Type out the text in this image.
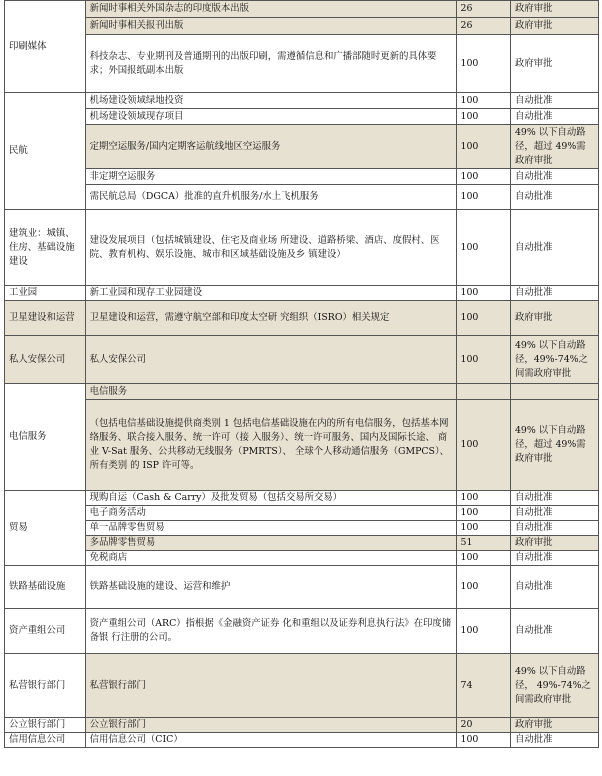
印刷媒体	新闻时事相关外国杂志的印度版本出版	26	政府审批
	新闻时事相关报刊出版	26	政府审批
	科技杂志、专业期刊及普通期刊的出版印刷，需遵循信息和广播部随时更新的具体要求；外国报纸副本出版	100	政府审批
民航	机场建设领域绿地投资	100	自动批准
	机场建设领域现存项目	100	自动批准
	定期空运服务/国内定期客运航线地区空运服务	100	49% 以下自动路径，超过 49%需政府审批
	非定期空运服务	100	自动批准
	需民航总局（DGCA）批准的直升机服务/水上飞机服务	100	自动批准
建筑业：城镇、住房、基础设施建设	建设发展项目（包括城镇建设、住宅及商业场 所建设、道路桥梁、酒店、度假村、医院、教育机构、娱乐设施、城市和区域基础设施及乡 镇建设）	100	自动批准
工业园	新工业园和现存工业园建设	100	自动批准
卫星建设和运营	卫星建设和运营，需遵守航空部和印度太空研 究组织（ISRO）相关规定	100	政府审批
私人安保公司	私人安保公司	100	49% 以下自动路径，49%-74%之间需政府审批
电信服务	电信服务		
	（包括电信基础设施提供商类别 1 包括电信基础设施在内的所有电信服务，包括基本网络服务、联合接入服务、统一许可（接 入服务）、统一许可服务、国内及国际长途、 商业 V-Sat 服务、公共移动无线服务（PMRTS）、 全球个人移动通信服务（GMPCS）、所有类别 的 ISP 许可等。	100	49% 以下自动路径，超过 49%需政府审批
贸易	现购自运（Cash & Carry）及批发贸易（包括交易所交易）	100	自动批准
	电子商务活动	100	自动批准
	单一品牌零售贸易	100	自动批准
	多品牌零售贸易	51	政府审批
	免税商店	100	自动批准
铁路基础设施	铁路基础设施的建设、运营和维护	100	自动批准
资产重组公司	资产重组公司（ARC）指根据《金融资产证券 化和重组以及证券利息执行法》在印度储备银 行注册的公司。	100	自动批准
私营银行部门	私营银行部门	74	49% 以下自动路径， 49%-74%之间需政府审批
公立银行部门	公立银行部门	20	政府审批
信用信息公司	信用信息公司（CIC）	100	自动批准
